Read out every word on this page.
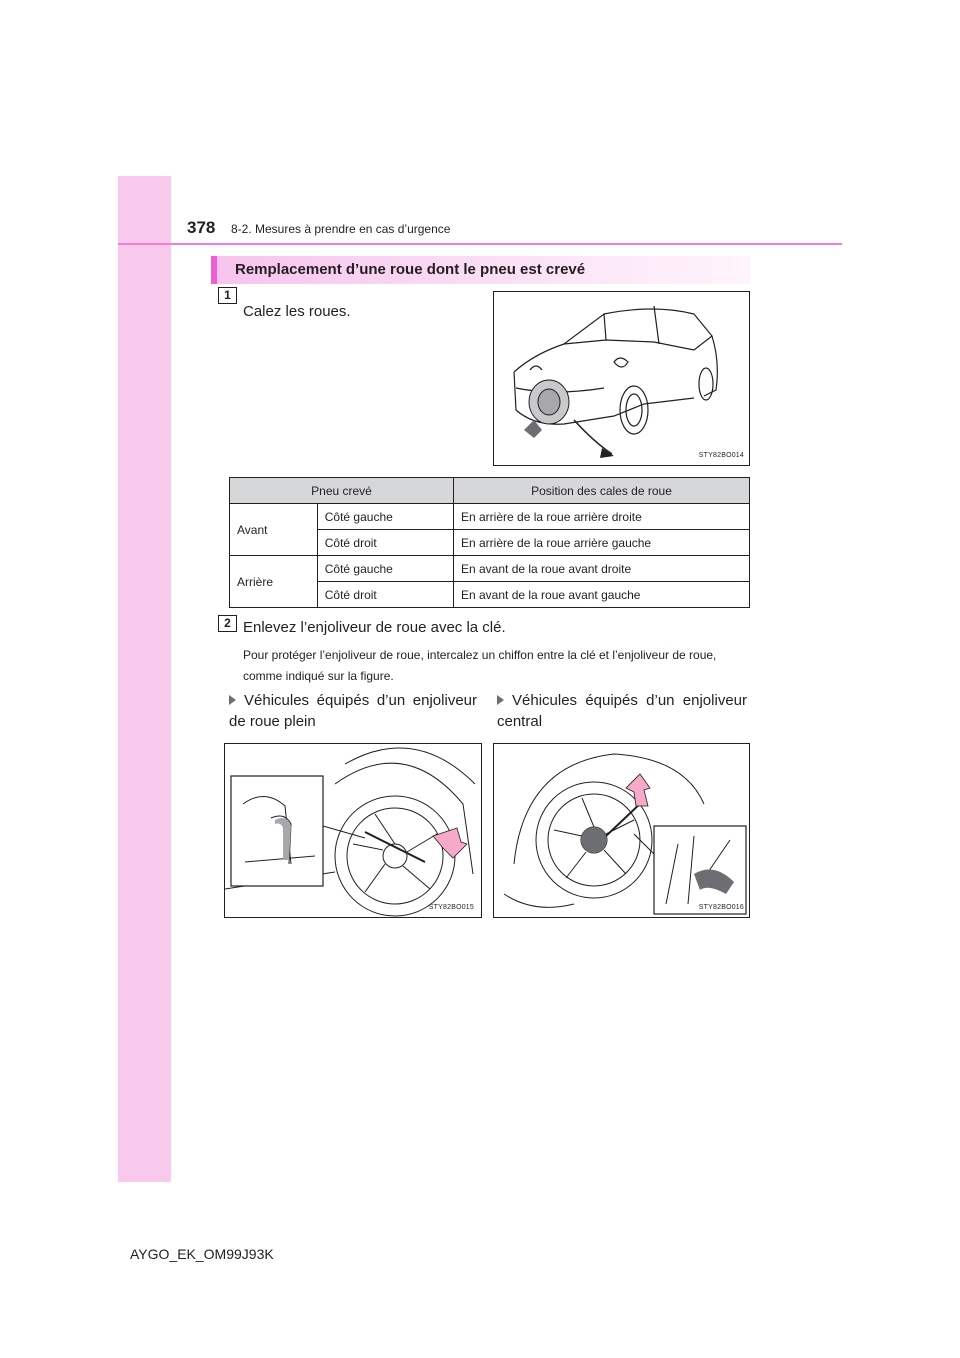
378 8-2. Mesures à prendre en cas d’urgence
Remplacement d’une roue dont le pneu est crevé
1
Calez les roues.
STY82BO014
Pneu crevé		Position des cales de roue
Avant	Côté gauche	En arrière de la roue arrière droite
	Côté droit	En arrière de la roue arrière gauche
Arrière	Côté gauche	En avant de la roue avant droite
	Côté droit	En avant de la roue avant gauche
2 Enlevez l’enjoliveur de roue avec la clé.
Pour protéger l’enjoliveur de roue, intercalez un chiffon entre la clé et l’enjoliveur de roue, comme indiqué sur la figure.
Véhicules équipés d’un enjoliveur de roue plein
Véhicules équipés d’un enjoliveur central
STY82BO015	STY82BO016
AYGO_EK_OM99J93K
